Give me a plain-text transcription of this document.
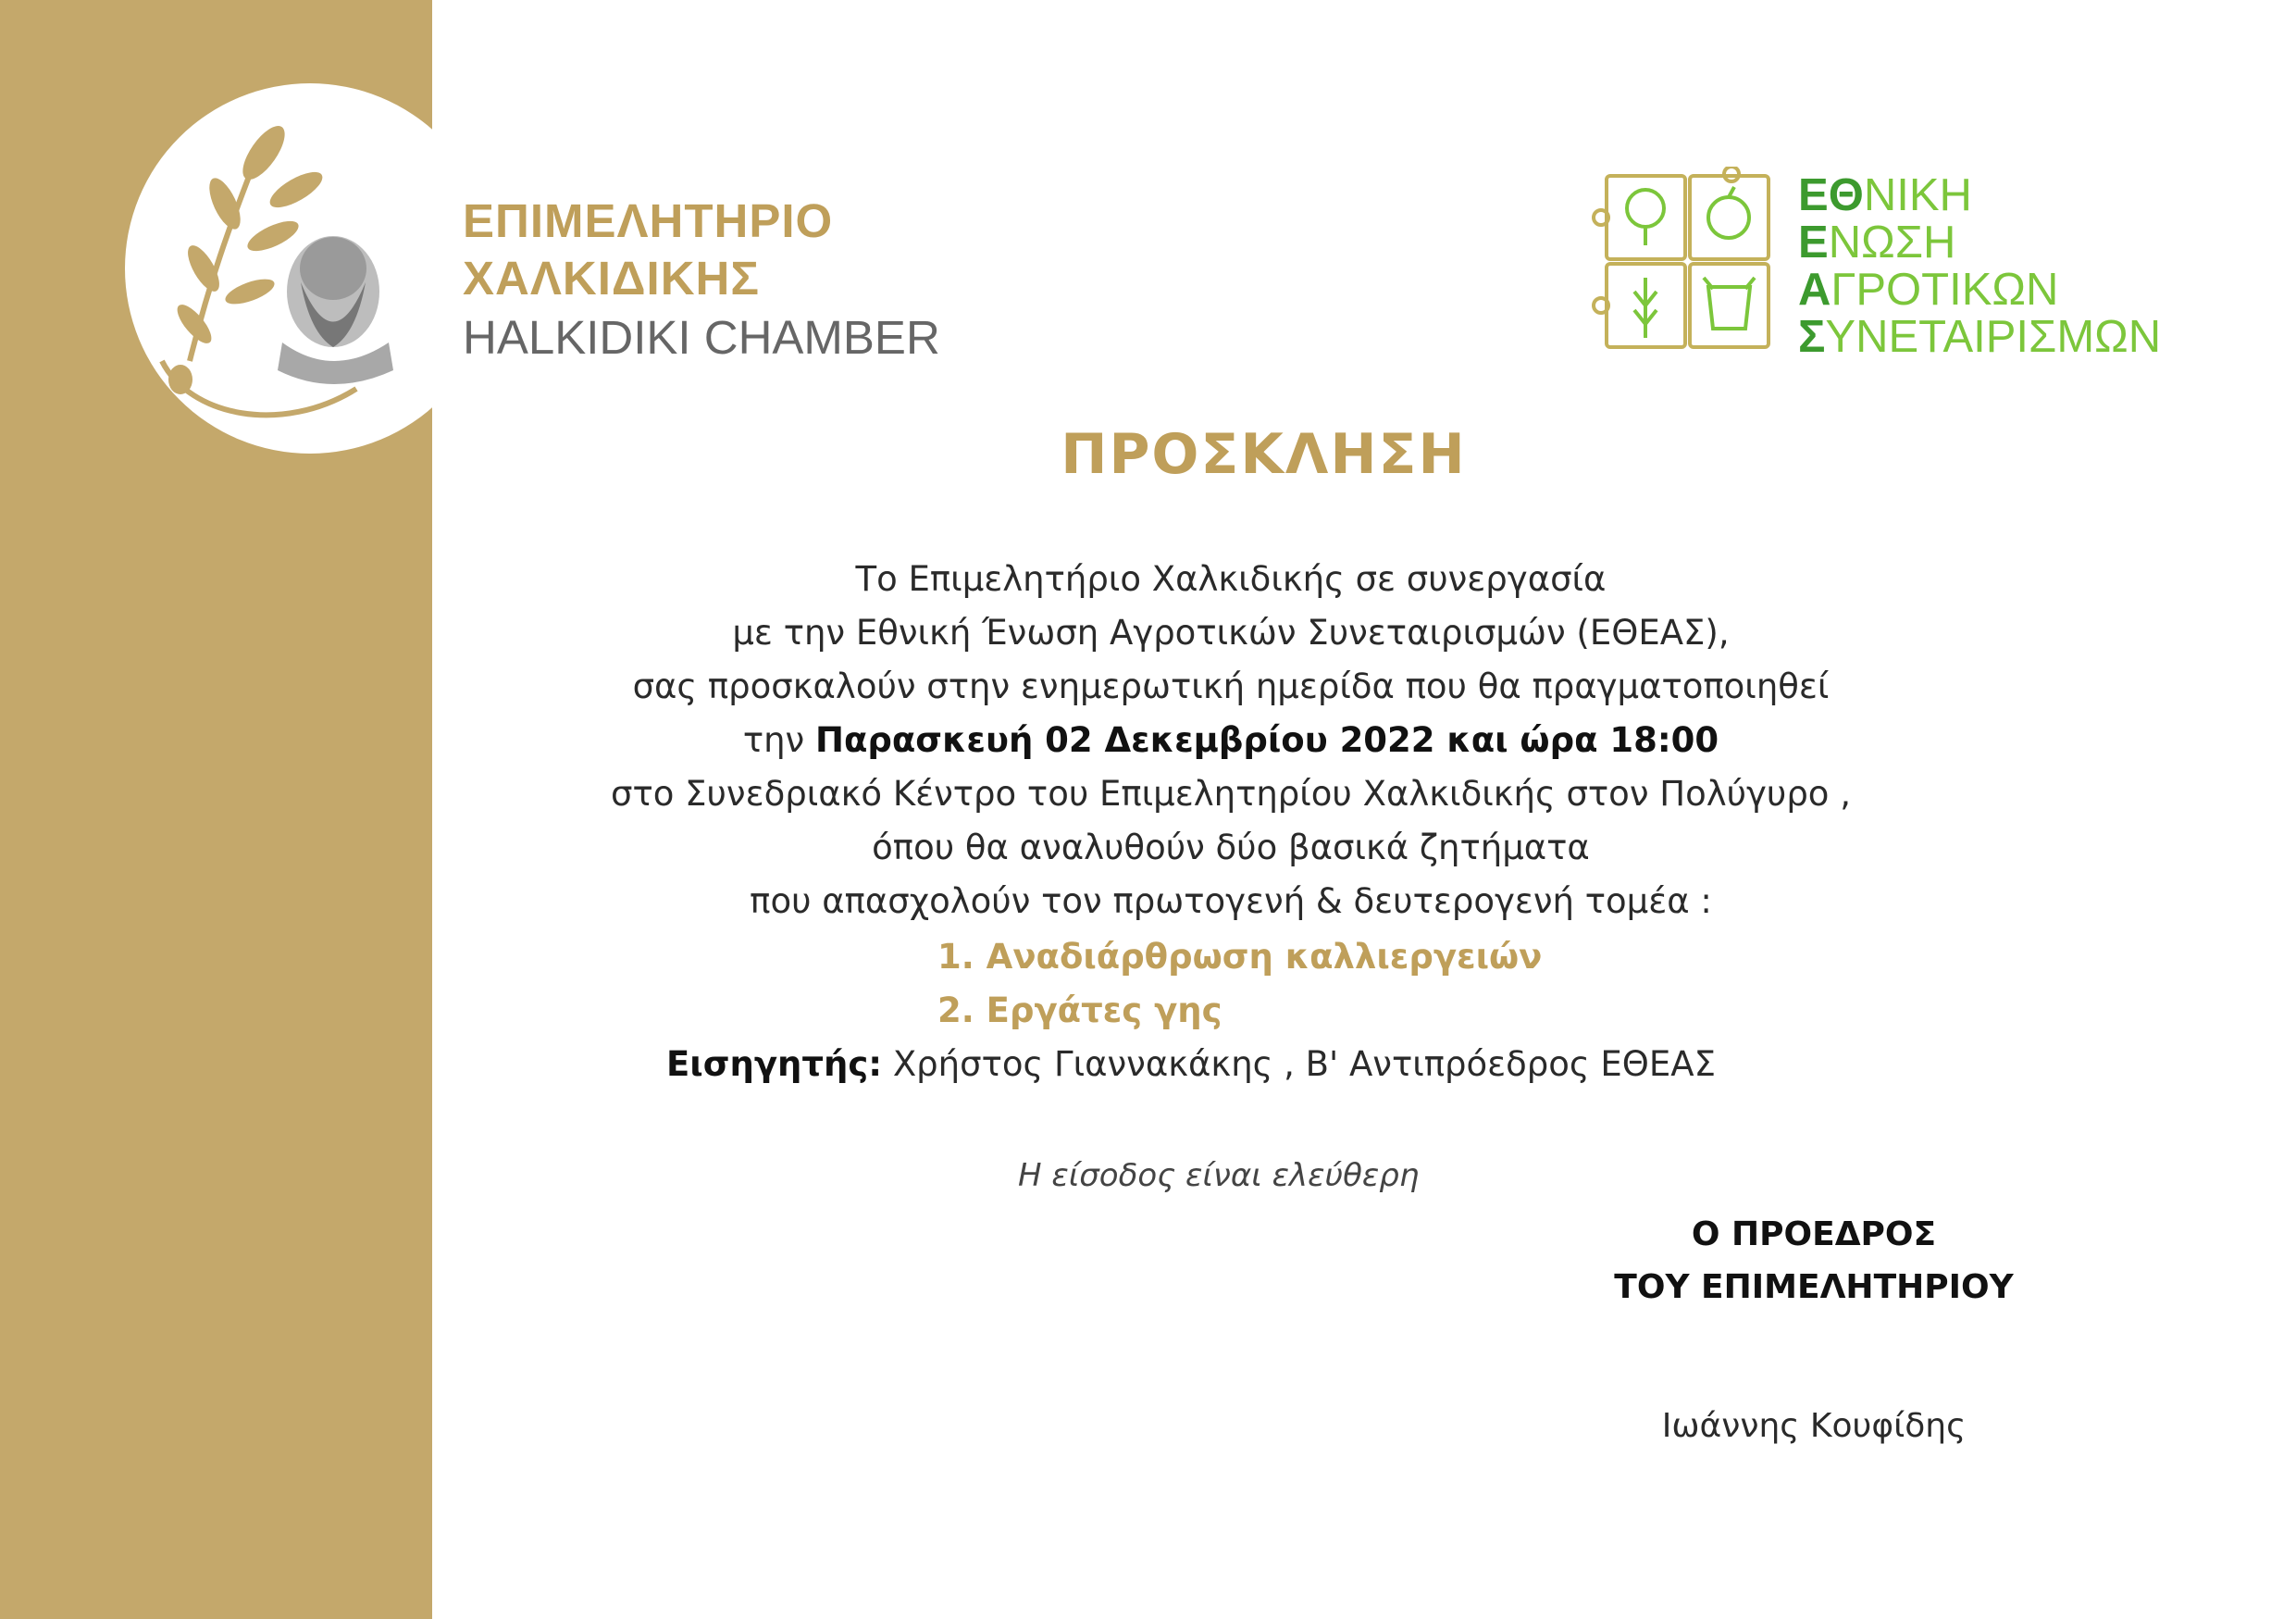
ΕΠΙΜΕΛΗΤΗΡΙΟ
ΧΑΛΚΙΔΙΚΗΣ
HALKIDIKI CHAMBER
ΕΘΝΙΚΗ
ΕΝΩΣΗ
ΑΓΡΟΤΙΚΩΝ
ΣΥΝΕΤΑΙΡΙΣΜΩΝ
ΠΡΟΣΚΛΗΣΗ

Το Επιμελητήριο Χαλκιδικής σε συνεργασία

με την Εθνική Ένωση Αγροτικών Συνεταιρισμών (ΕΘΕΑΣ),

σας προσκαλούν στην ενημερωτική ημερίδα που θα πραγματοποιηθεί

την Παρασκευή 02 Δεκεμβρίου 2022 και ώρα 18:00

στο Συνεδριακό Κέντρο του Επιμελητηρίου Χαλκιδικής στον Πολύγυρο ,

όπου θα αναλυθούν δύο βασικά ζητήματα

που απασχολούν τον πρωτογενή & δευτερογενή τομέα :

1. Αναδιάρθρωση καλλιεργειών
2. Εργάτες γης
Εισηγητής: Χρήστος Γιαννακάκης , Β' Αντιπρόεδρος ΕΘΕΑΣ
Η είσοδος είναι ελεύθερη
Ο ΠΡΟΕΔΡΟΣ
ΤΟΥ ΕΠΙΜΕΛΗΤΗΡΙΟΥ
Ιωάννης Κουφίδης
